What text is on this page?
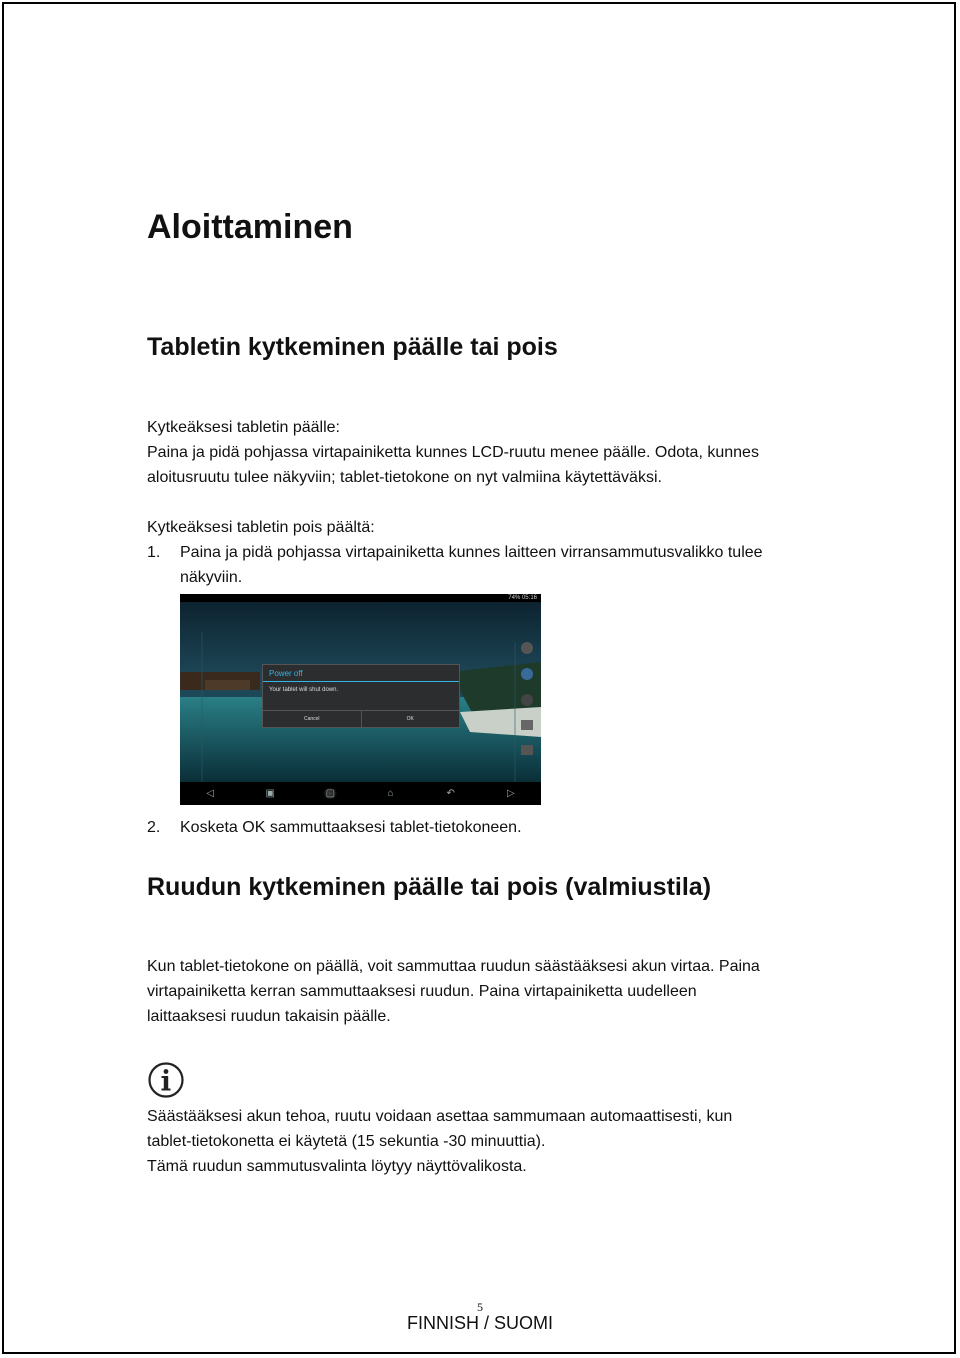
Aloittaminen
Tabletin kytkeminen päälle tai pois

Kytkeäksesi tabletin päälle:

Paina ja pidä pohjassa virtapainiketta kunnes LCD-ruutu menee päälle. Odota, kunnes

aloitusruutu tulee näkyviin; tablet-tietokone on nyt valmiina käytettäväksi.

Kytkeäksesi tabletin pois päältä:

1. Paina ja pidä pohjassa virtapainiketta kunnes laitteen virransammutusvalikko tulee

näkyviin.

74% 05:16
Power off
Your tablet will shut down.
Cancel	OK
◁	▣	▢	⌂	↶	▷

2. Kosketa OK sammuttaaksesi tablet-tietokoneen.

Ruudun kytkeminen päälle tai pois (valmiustila)

Kun tablet-tietokone on päällä, voit sammuttaa ruudun säästääksesi akun virtaa. Paina

virtapainiketta kerran sammuttaaksesi ruudun. Paina virtapainiketta uudelleen

laittaaksesi ruudun takaisin päälle.

Säästääksesi akun tehoa, ruutu voidaan asettaa sammumaan automaattisesti, kun

tablet-tietokonetta ei käytetä (15 sekuntia -30 minuuttia).

Tämä ruudun sammutusvalinta löytyy näyttövalikosta.

5
FINNISH / SUOMI
